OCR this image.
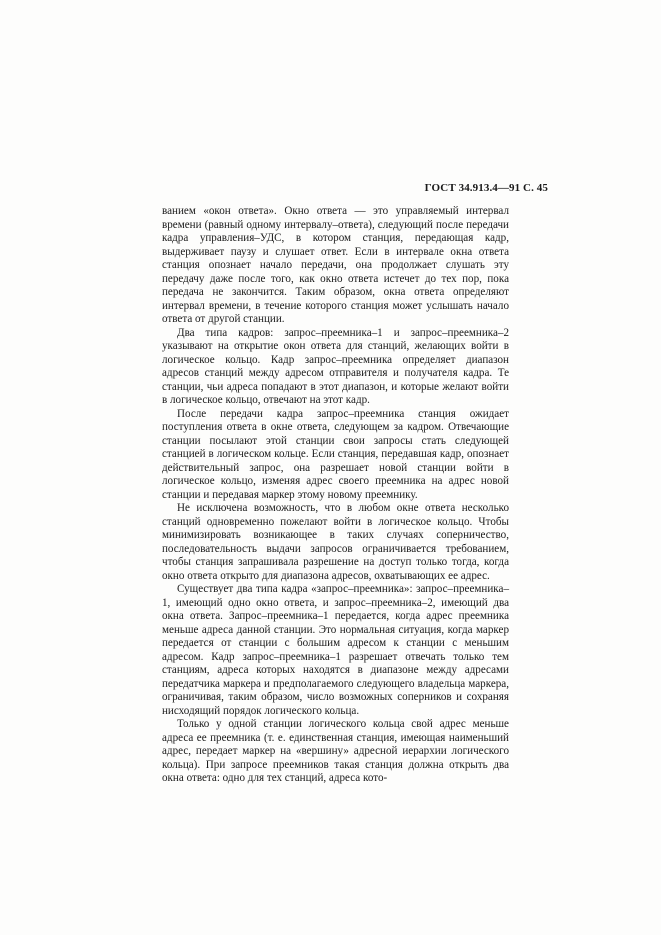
ГОСТ 34.913.4—91 С. 45

ванием «окон ответа». Окно ответа — это управляемый интервал времени (равный одному интервалу–ответа), следующий после передачи кадра управления–УДС, в котором станция, передающая кадр, выдерживает паузу и слушает ответ. Если в интервале окна ответа станция опознает начало передачи, она продолжает слушать эту передачу даже после того, как окно ответа истечет до тех пор, пока передача не закончится. Таким образом, окна ответа определяют интервал времени, в течение которого станция может услышать начало ответа от другой станции.

Два типа кадров: запрос–преемника–1 и запрос–преемника–2 указывают на открытие окон ответа для станций, желающих войти в логическое кольцо. Кадр запрос–преемника определяет диапазон адресов станций между адресом отправителя и получателя кадра. Те станции, чьи адреса попадают в этот диапазон, и которые желают войти в логическое кольцо, отвечают на этот кадр.

После передачи кадра запрос–преемника станция ожидает поступления ответа в окне ответа, следующем за кадром. Отвечающие станции посылают этой станции свои запросы стать следующей станцией в логическом кольце. Если станция, передавшая кадр, опознает действительный запрос, она разрешает новой станции войти в логическое кольцо, изменяя адрес своего преемника на адрес новой станции и передавая маркер этому новому преемнику.

Не исключена возможность, что в любом окне ответа несколько станций одновременно пожелают войти в логическое кольцо. Чтобы минимизировать возникающее в таких случаях соперничество, последовательность выдачи запросов ограничивается требованием, чтобы станция запрашивала разрешение на доступ только тогда, когда окно ответа открыто для диапазона адресов, охватывающих ее адрес.

Существует два типа кадра «запрос–преемника»: запрос–преемника–1, имеющий одно окно ответа, и запрос–преемника–2, имеющий два окна ответа. Запрос–преемника–1 передается, когда адрес преемника меньше адреса данной станции. Это нормальная ситуация, когда маркер передается от станции с большим адресом к станции с меньшим адресом. Кадр запрос–преемника–1 разрешает отвечать только тем станциям, адреса которых находятся в диапазоне между адресами передатчика маркера и предполагаемого следующего владельца маркера, ограничивая, таким образом, число возможных соперников и сохраняя нисходящий порядок логического кольца.

Только у одной станции логического кольца свой адрес меньше адреса ее преемника (т. е. единственная станция, имеющая наименьший адрес, передает маркер на «вершину» адресной иерархии логического кольца). При запросе преемников такая станция должна открыть два окна ответа: одно для тех станций, адреса кото-
